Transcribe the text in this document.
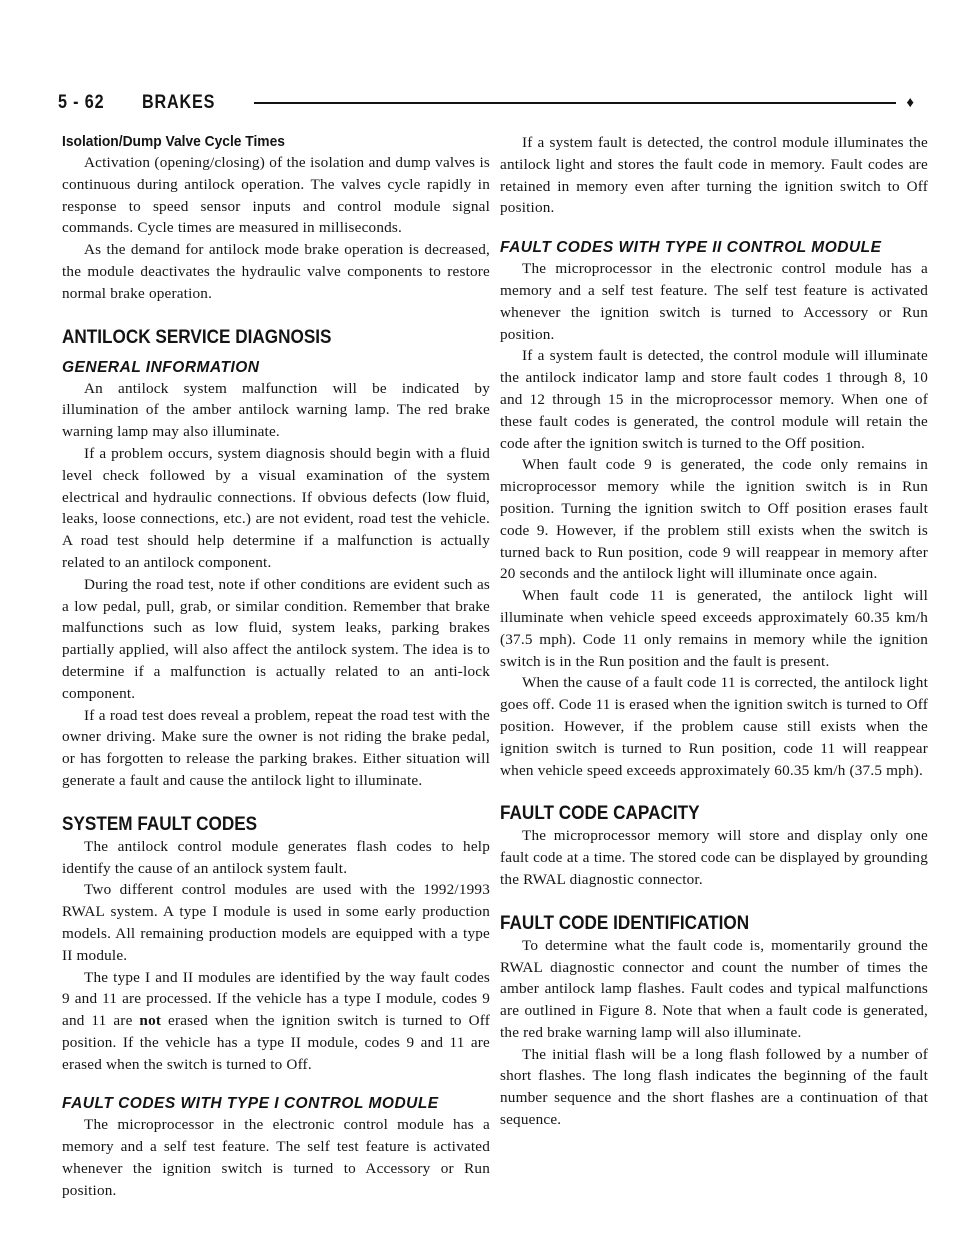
5 - 62	BRAKES	♦
Isolation/Dump Valve Cycle Times

Activation (opening/closing) of the isolation and dump valves is continuous during antilock operation. The valves cycle rapidly in response to speed sensor inputs and control module signal commands. Cycle times are measured in milliseconds.

As the demand for antilock mode brake operation is decreased, the module deactivates the hydraulic valve components to restore normal brake operation.

ANTILOCK SERVICE DIAGNOSIS
GENERAL INFORMATION

An antilock system malfunction will be indicated by illumination of the amber antilock warning lamp. The red brake warning lamp may also illuminate.

If a problem occurs, system diagnosis should begin with a fluid level check followed by a visual examination of the system electrical and hydraulic connections. If obvious defects (low fluid, leaks, loose connections, etc.) are not evident, road test the vehicle. A road test should help determine if a malfunction is actually related to an antilock component.

During the road test, note if other conditions are evident such as a low pedal, pull, grab, or similar condition. Remember that brake malfunctions such as low fluid, system leaks, parking brakes partially applied, will also affect the antilock system. The idea is to determine if a malfunction is actually related to an anti-lock component.

If a road test does reveal a problem, repeat the road test with the owner driving. Make sure the owner is not riding the brake pedal, or has forgotten to release the parking brakes. Either situation will generate a fault and cause the antilock light to illuminate.

SYSTEM FAULT CODES

The antilock control module generates flash codes to help identify the cause of an antilock system fault.

Two different control modules are used with the 1992/1993 RWAL system. A type I module is used in some early production models. All remaining production models are equipped with a type II module.

The type I and II modules are identified by the way fault codes 9 and 11 are processed. If the vehicle has a type I module, codes 9 and 11 are not erased when the ignition switch is turned to Off position. If the vehicle has a type II module, codes 9 and 11 are erased when the switch is turned to Off.

FAULT CODES WITH TYPE I CONTROL MODULE

The microprocessor in the electronic control module has a memory and a self test feature. The self test feature is activated whenever the ignition switch is turned to Accessory or Run position.

If a system fault is detected, the control module illuminates the antilock light and stores the fault code in memory. Fault codes are retained in memory even after turning the ignition switch to Off position.

FAULT CODES WITH TYPE II CONTROL MODULE

The microprocessor in the electronic control module has a memory and a self test feature. The self test feature is activated whenever the ignition switch is turned to Accessory or Run position.

If a system fault is detected, the control module will illuminate the antilock indicator lamp and store fault codes 1 through 8, 10 and 12 through 15 in the microprocessor memory. When one of these fault codes is generated, the control module will retain the code after the ignition switch is turned to the Off position.

When fault code 9 is generated, the code only remains in microprocessor memory while the ignition switch is in Run position. Turning the ignition switch to Off position erases fault code 9. However, if the problem still exists when the switch is turned back to Run position, code 9 will reappear in memory after 20 seconds and the antilock light will illuminate once again.

When fault code 11 is generated, the antilock light will illuminate when vehicle speed exceeds approximately 60.35 km/h (37.5 mph). Code 11 only remains in memory while the ignition switch is in the Run position and the fault is present.

When the cause of a fault code 11 is corrected, the antilock light goes off. Code 11 is erased when the ignition switch is turned to Off position. However, if the problem cause still exists when the ignition switch is turned to Run position, code 11 will reappear when vehicle speed exceeds approximately 60.35 km/h (37.5 mph).

FAULT CODE CAPACITY

The microprocessor memory will store and display only one fault code at a time. The stored code can be displayed by grounding the RWAL diagnostic connector.

FAULT CODE IDENTIFICATION

To determine what the fault code is, momentarily ground the RWAL diagnostic connector and count the number of times the amber antilock lamp flashes. Fault codes and typical malfunctions are outlined in Figure 8. Note that when a fault code is generated, the red brake warning lamp will also illuminate.

The initial flash will be a long flash followed by a number of short flashes. The long flash indicates the beginning of the fault number sequence and the short flashes are a continuation of that sequence.
